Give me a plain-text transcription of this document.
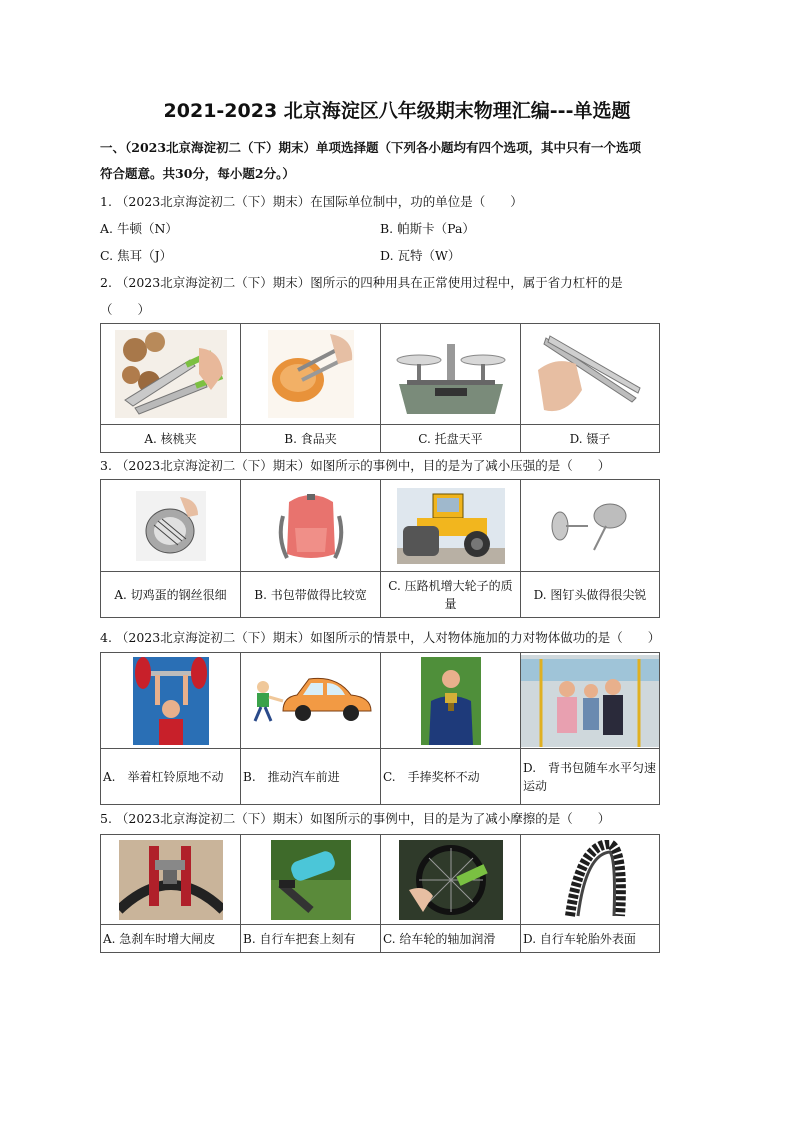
2021-2023 北京海淀区八年级期末物理汇编---单选题
一、（2023北京海淀初二（下）期末）单项选择题（下列各小题均有四个选项，其中只有一个选项
符合题意。共30分，每小题2分。）
1. （2023北京海淀初二（下）期末）在国际单位制中，功的单位是（　　）
A. 牛顿（N）	B. 帕斯卡（Pa）
C. 焦耳（J）	D. 瓦特（W）
2. （2023北京海淀初二（下）期末）图所示的四种用具在正常使用过程中，属于省力杠杆的是
（　　）

A. 核桃夹	B. 食品夹	C. 托盘天平	D. 镊子
3. （2023北京海淀初二（下）期末）如图所示的事例中，目的是为了减小压强的是（　　）

A. 切鸡蛋的钢丝很细	B. 书包带做得比较宽	C. 压路机增大轮子的质量	D. 图钉头做得很尖锐
4. （2023北京海淀初二（下）期末）如图所示的情景中，人对物体施加的力对物体做功的是（　　）

A.　举着杠铃原地不动	B.　推动汽车前进	C.　手捧奖杯不动	D.　背书包随车水平匀速运动
5. （2023北京海淀初二（下）期末）如图所示的事例中，目的是为了减小摩擦的是（　　）

A. 急刹车时增大闸皮	B. 自行车把套上刻有	C. 给车轮的轴加润滑	D. 自行车轮胎外表面
